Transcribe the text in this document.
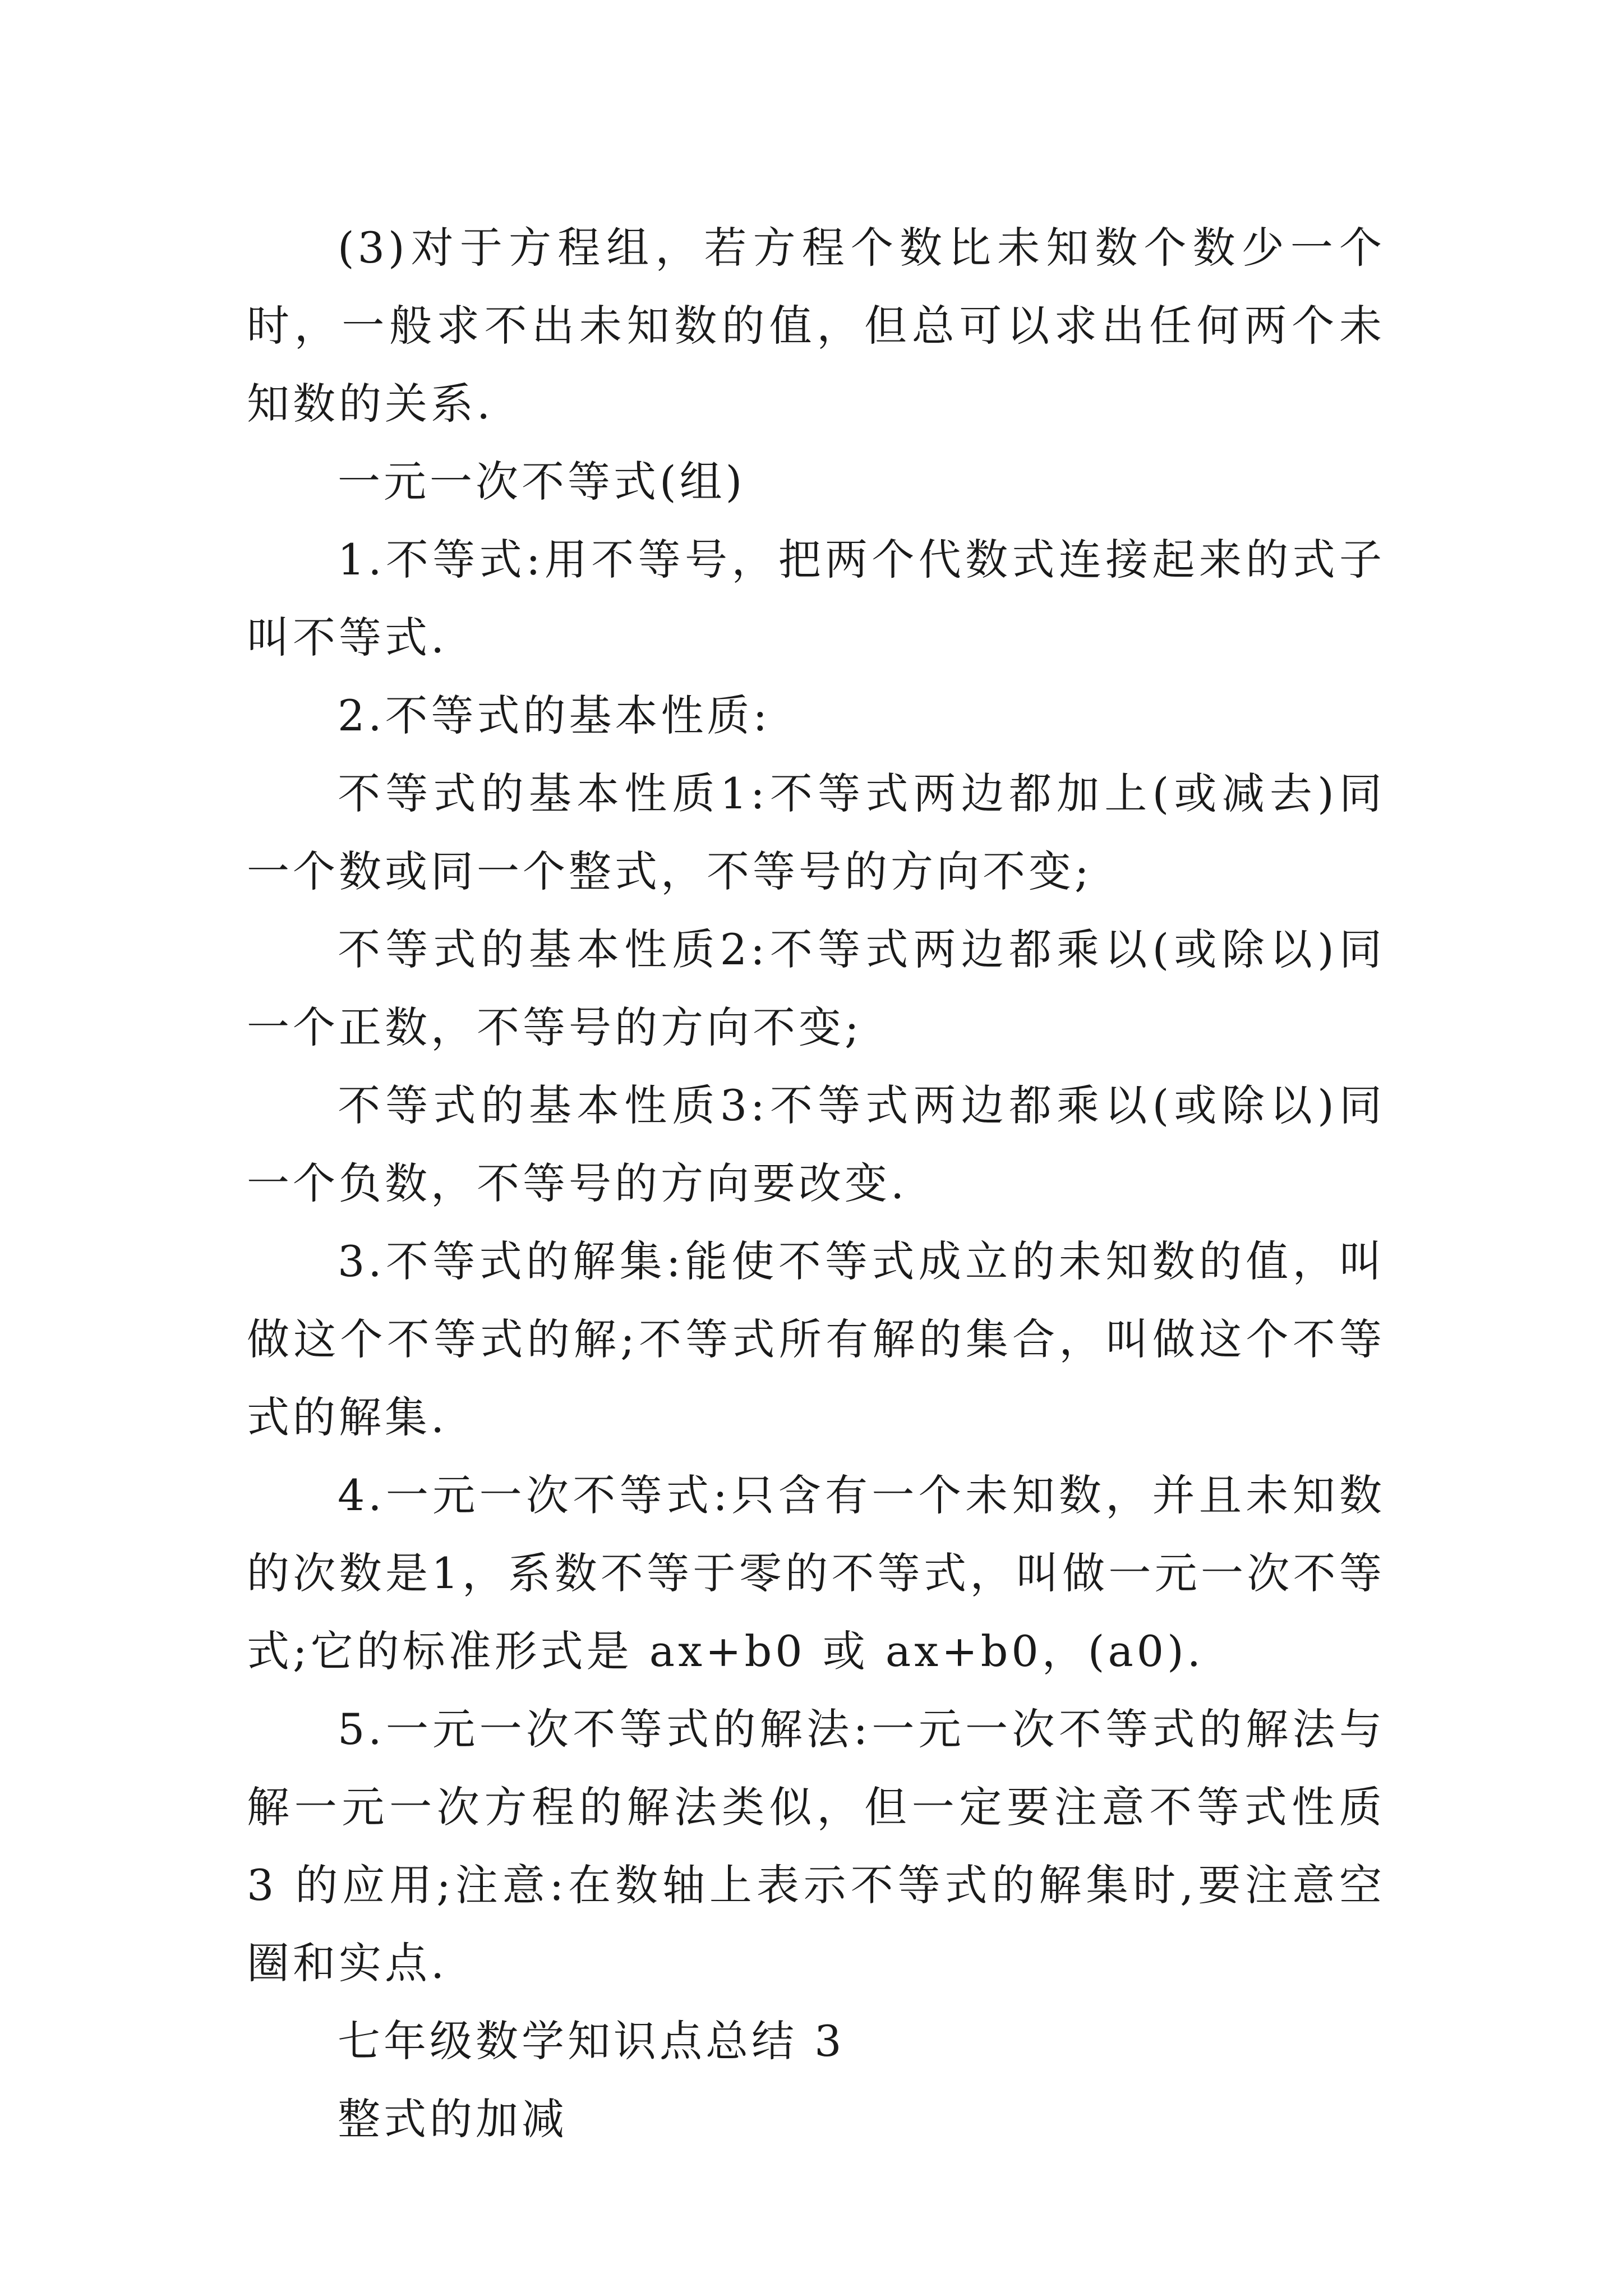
(3)对于方程组，若方程个数比未知数个数少一个时，一般求不出未知数的值，但总可以求出任何两个未知数的关系.

一元一次不等式(组)

1.不等式:用不等号，把两个代数式连接起来的式子叫不等式.

2.不等式的基本性质:

不等式的基本性质1:不等式两边都加上(或减去)同一个数或同一个整式，不等号的方向不变;

不等式的基本性质2:不等式两边都乘以(或除以)同一个正数，不等号的方向不变;

不等式的基本性质3:不等式两边都乘以(或除以)同一个负数，不等号的方向要改变.

3.不等式的解集:能使不等式成立的未知数的值，叫做这个不等式的解;不等式所有解的集合，叫做这个不等式的解集.

4.一元一次不等式:只含有一个未知数，并且未知数的次数是1，系数不等于零的不等式，叫做一元一次不等式;它的标准形式是 ax+b0 或 ax+b0，(a0).

5.一元一次不等式的解法:一元一次不等式的解法与解一元一次方程的解法类似，但一定要注意不等式性质 3 的应用;注意:在数轴上表示不等式的解集时,要注意空圈和实点.

七年级数学知识点总结 3

整式的加减
